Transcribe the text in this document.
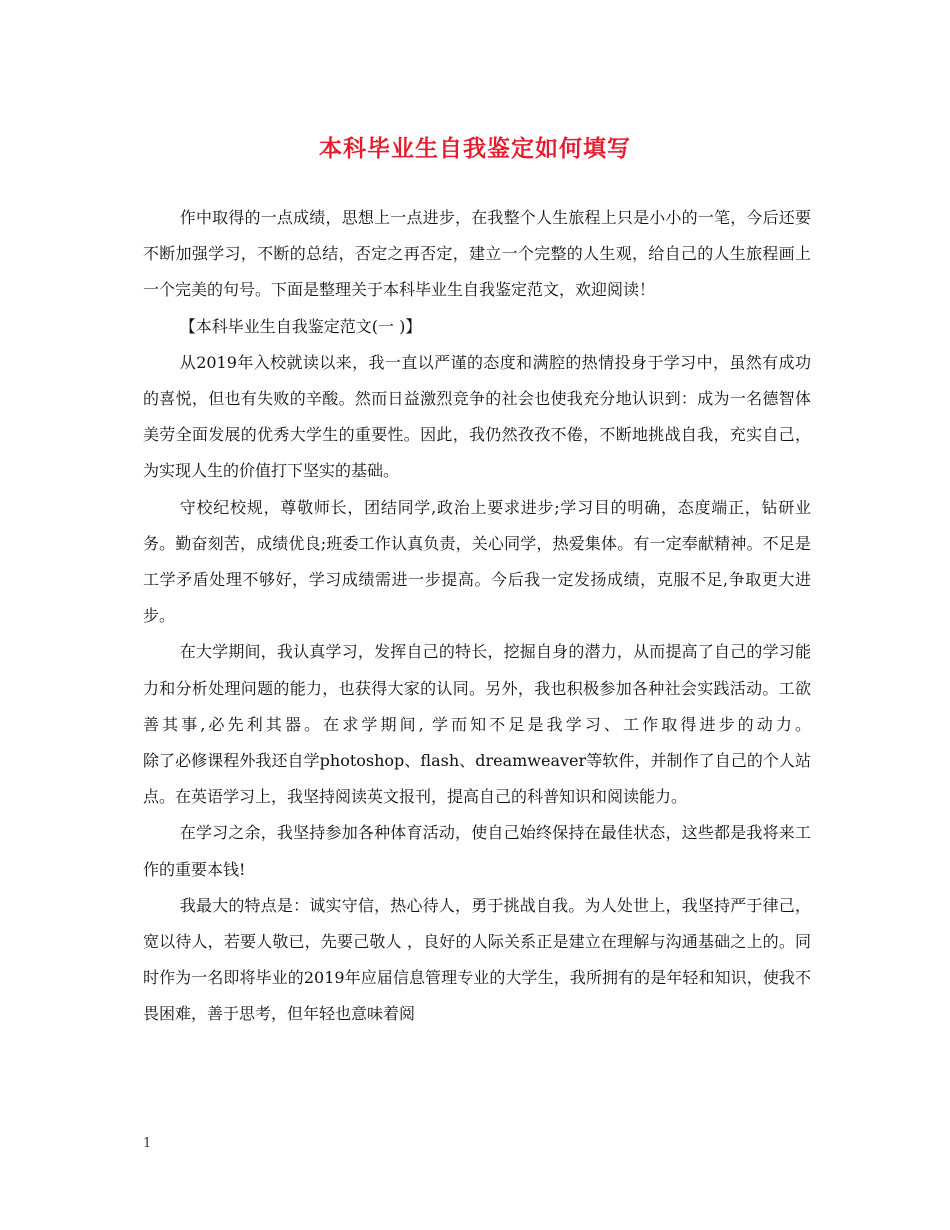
本科毕业生自我鉴定如何填写

作中取得的一点成绩，思想上一点进步，在我整个人生旅程上只是小小的一笔，今后还要不断加强学习，不断的总结，否定之再否定，建立一个完整的人生观，给自己的人生旅程画上一个完美的句号。下面是整理关于本科毕业生自我鉴定范文，欢迎阅读！

【本科毕业生自我鉴定范文(一 )】

从2019年入校就读以来，我一直以严谨的态度和满腔的热情投身于学习中，虽然有成功的喜悦，但也有失败的辛酸。然而日益激烈竞争的社会也使我充分地认识到：成为一名德智体美劳全面发展的优秀大学生的重要性。因此，我仍然孜孜不倦，不断地挑战自我，充实自己，为实现人生的价值打下坚实的基础。

守校纪校规，尊敬师长，团结同学,政治上要求进步;学习目的明确，态度端正，钻研业务。勤奋刻苦，成绩优良;班委工作认真负责，关心同学，热爱集体。有一定奉献精神。不足是工学矛盾处理不够好，学习成绩需进一步提高。今后我一定发扬成绩，克服不足,争取更大进步。

在大学期间，我认真学习，发挥自己的特长，挖掘自身的潜力，从而提高了自己的学习能力和分析处理问题的能力，也获得大家的认同。另外，我也积极参加各种社会实践活动。工欲善其事,必先利其器。在求学期间, 学而知不足是我学习、工作取得进步的动力。

除了必修课程外我还自学photoshop、flash、dreamweaver等软件，并制作了自己的个人站点。在英语学习上，我坚持阅读英文报刊，提高自己的科普知识和阅读能力。

在学习之余，我坚持参加各种体育活动，使自己始终保持在最佳状态，这些都是我将来工作的重要本钱!

我最大的特点是：诚实守信，热心待人，勇于挑战自我。为人处世上，我坚持严于律己，宽以待人，若要人敬已，先要己敬人 ，良好的人际关系正是建立在理解与沟通基础之上的。同时作为一名即将毕业的2019年应届信息管理专业的大学生，我所拥有的是年轻和知识，使我不畏困难，善于思考，但年轻也意味着阅

1
